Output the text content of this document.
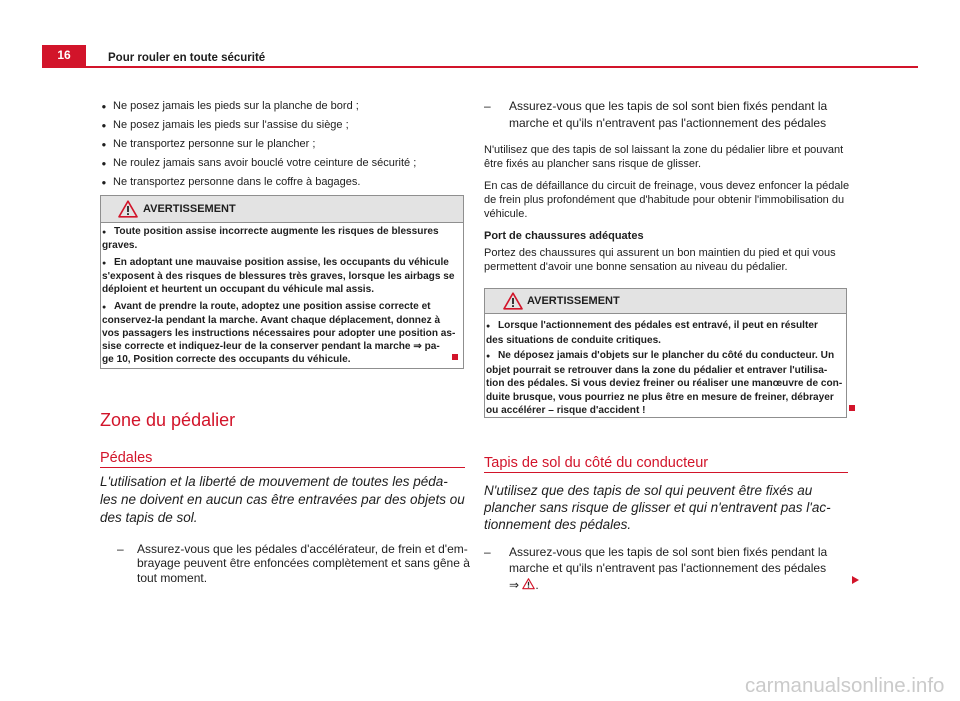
16	Pour rouler en toute sécurité
● Ne posez jamais les pieds sur la planche de bord ;
● Ne posez jamais les pieds sur l'assise du siège ;
● Ne transportez personne sur le plancher ;
● Ne roulez jamais sans avoir bouclé votre ceinture de sécurité ;
● Ne transportez personne dans le coffre à bagages.
AVERTISSEMENT
● Toute position assise incorrecte augmente les risques de blessures
graves.
● En adoptant une mauvaise position assise, les occupants du véhicule
s'exposent à des risques de blessures très graves, lorsque les airbags se
déploient et heurtent un occupant du véhicule mal assis.
● Avant de prendre la route, adoptez une position assise correcte et
conservez-la pendant la marche. Avant chaque déplacement, donnez à
vos passagers les instructions nécessaires pour adopter une position as-
sise correcte et indiquez-leur de la conserver pendant la marche ⇒ pa-
ge 10, Position correcte des occupants du véhicule.
Zone du pédalier
Pédales
L'utilisation et la liberté de mouvement de toutes les péda-
les ne doivent en aucun cas être entravées par des objets ou
des tapis de sol.
– Assurez-vous que les pédales d'accélérateur, de frein et d'em-
brayage peuvent être enfoncées complètement et sans gêne à
tout moment.
– Assurez-vous que les tapis de sol sont bien fixés pendant la
marche et qu'ils n'entravent pas l'actionnement des pédales
N'utilisez que des tapis de sol laissant la zone du pédalier libre et pouvant
être fixés au plancher sans risque de glisser.
En cas de défaillance du circuit de freinage, vous devez enfoncer la pédale
de frein plus profondément que d'habitude pour obtenir l'immobilisation du
véhicule.
Port de chaussures adéquates
Portez des chaussures qui assurent un bon maintien du pied et qui vous
permettent d'avoir une bonne sensation au niveau du pédalier.
AVERTISSEMENT
● Lorsque l'actionnement des pédales est entravé, il peut en résulter
des situations de conduite critiques.
● Ne déposez jamais d'objets sur le plancher du côté du conducteur. Un
objet pourrait se retrouver dans la zone du pédalier et entraver l'utilisa-
tion des pédales. Si vous deviez freiner ou réaliser une manœuvre de con-
duite brusque, vous pourriez ne plus être en mesure de freiner, débrayer
ou accélérer – risque d'accident !
Tapis de sol du côté du conducteur
N'utilisez que des tapis de sol qui peuvent être fixés au
plancher sans risque de glisser et qui n'entravent pas l'ac-
tionnement des pédales.
– Assurez-vous que les tapis de sol sont bien fixés pendant la
marche et qu'ils n'entravent pas l'actionnement des pédales
⇒ .
carmanualsonline.info
